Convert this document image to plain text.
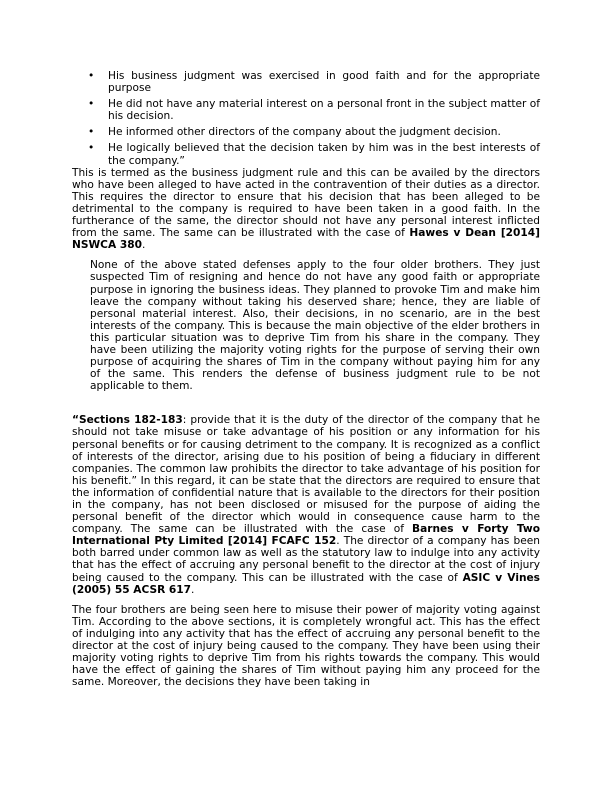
• His business judgment was exercised in good faith and for the appropriate purpose
• He did not have any material interest on a personal front in the subject matter of his decision.
• He informed other directors of the company about the judgment decision.
• He logically believed that the decision taken by him was in the best interests of the company.”

This is termed as the business judgment rule and this can be availed by the directors who have been alleged to have acted in the contravention of their duties as a director. This requires the director to ensure that his decision that has been alleged to be detrimental to the company is required to have been taken in a good faith. In the furtherance of the same, the director should not have any personal interest inflicted from the same. The same can be illustrated with the case of Hawes v Dean [2014] NSWCA 380.

None of the above stated defenses apply to the four older brothers. They just suspected Tim of resigning and hence do not have any good faith or appropriate purpose in ignoring the business ideas. They planned to provoke Tim and make him leave the company without taking his deserved share; hence, they are liable of personal material interest. Also, their decisions, in no scenario, are in the best interests of the company. This is because the main objective of the elder brothers in this particular situation was to deprive Tim from his share in the company. They have been utilizing the majority voting rights for the purpose of serving their own purpose of acquiring the shares of Tim in the company without paying him for any of the same. This renders the defense of business judgment rule to be not applicable to them.

“Sections 182-183: provide that it is the duty of the director of the company that he should not take misuse or take advantage of his position or any information for his personal benefits or for causing detriment to the company. It is recognized as a conflict of interests of the director, arising due to his position of being a fiduciary in different companies. The common law prohibits the director to take advantage of his position for his benefit.” In this regard, it can be state that the directors are required to ensure that the information of confidential nature that is available to the directors for their position in the company, has not been disclosed or misused for the purpose of aiding the personal benefit of the director which would in consequence cause harm to the company. The same can be illustrated with the case of Barnes v Forty Two International Pty Limited [2014] FCAFC 152. The director of a company has been both barred under common law as well as the statutory law to indulge into any activity that has the effect of accruing any personal benefit to the director at the cost of injury being caused to the company. This can be illustrated with the case of ASIC v Vines (2005) 55 ACSR 617.

The four brothers are being seen here to misuse their power of majority voting against Tim. According to the above sections, it is completely wrongful act. This has the effect of indulging into any activity that has the effect of accruing any personal benefit to the director at the cost of injury being caused to the company. They have been using their majority voting rights to deprive Tim from his rights towards the company. This would have the effect of gaining the shares of Tim without paying him any proceed for the same. Moreover, the decisions they have been taking in
